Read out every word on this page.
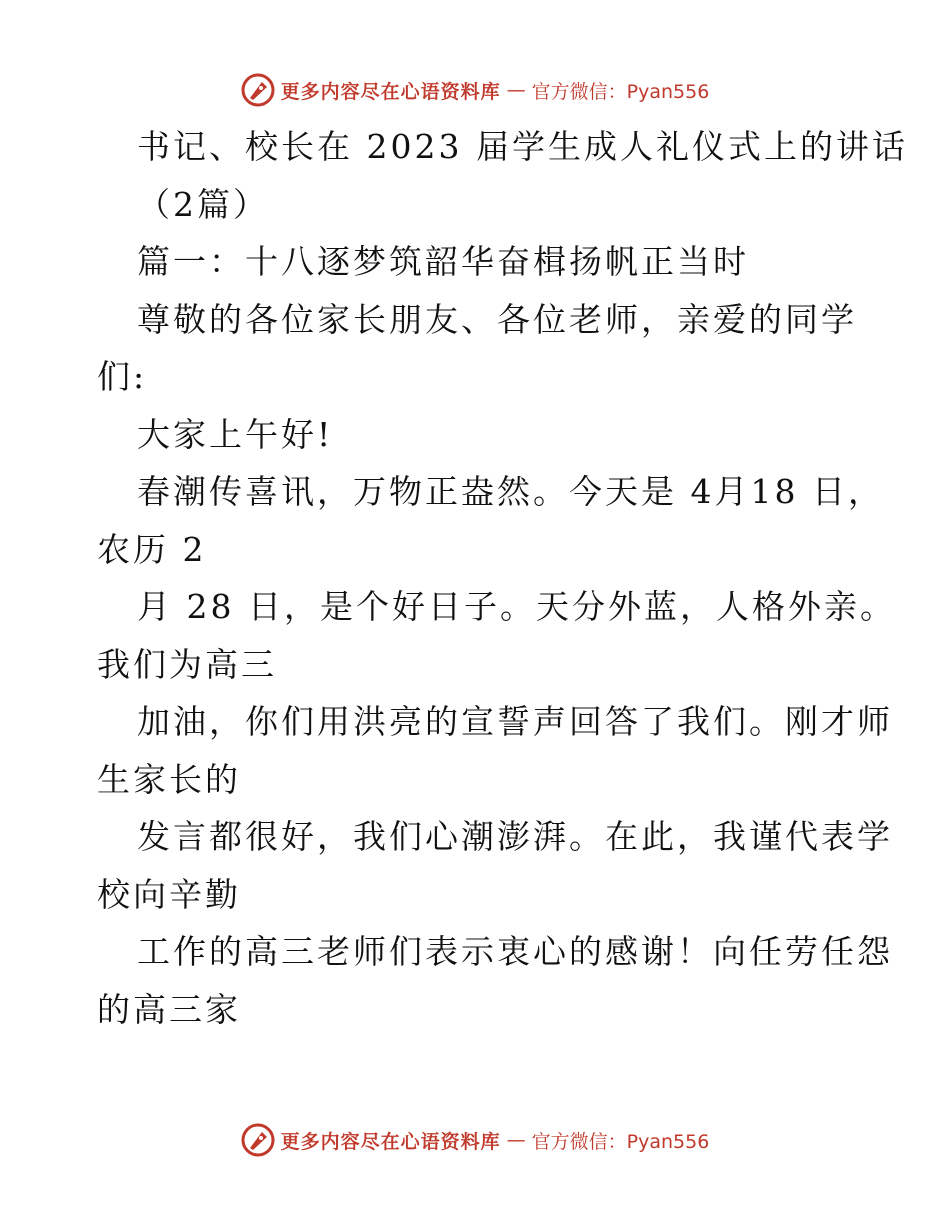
更多内容尽在心语资料库 — 官方微信：Pyan556
书记、校长在 2023 届学生成人礼仪式上的讲话
（2篇）
篇一：十八逐梦筑韶华奋楫扬帆正当时
尊敬的各位家长朋友、各位老师，亲爱的同学
们:
大家上午好!
春潮传喜讯，万物正盎然。今天是 4月18 日，
农历 2
月 28 日，是个好日子。天分外蓝，人格外亲。
我们为高三
加油，你们用洪亮的宣誓声回答了我们。刚才师
生家长的
发言都很好，我们心潮澎湃。在此，我谨代表学
校向辛勤
工作的高三老师们表示衷心的感谢！向任劳任怨
的高三家
更多内容尽在心语资料库 — 官方微信：Pyan556
